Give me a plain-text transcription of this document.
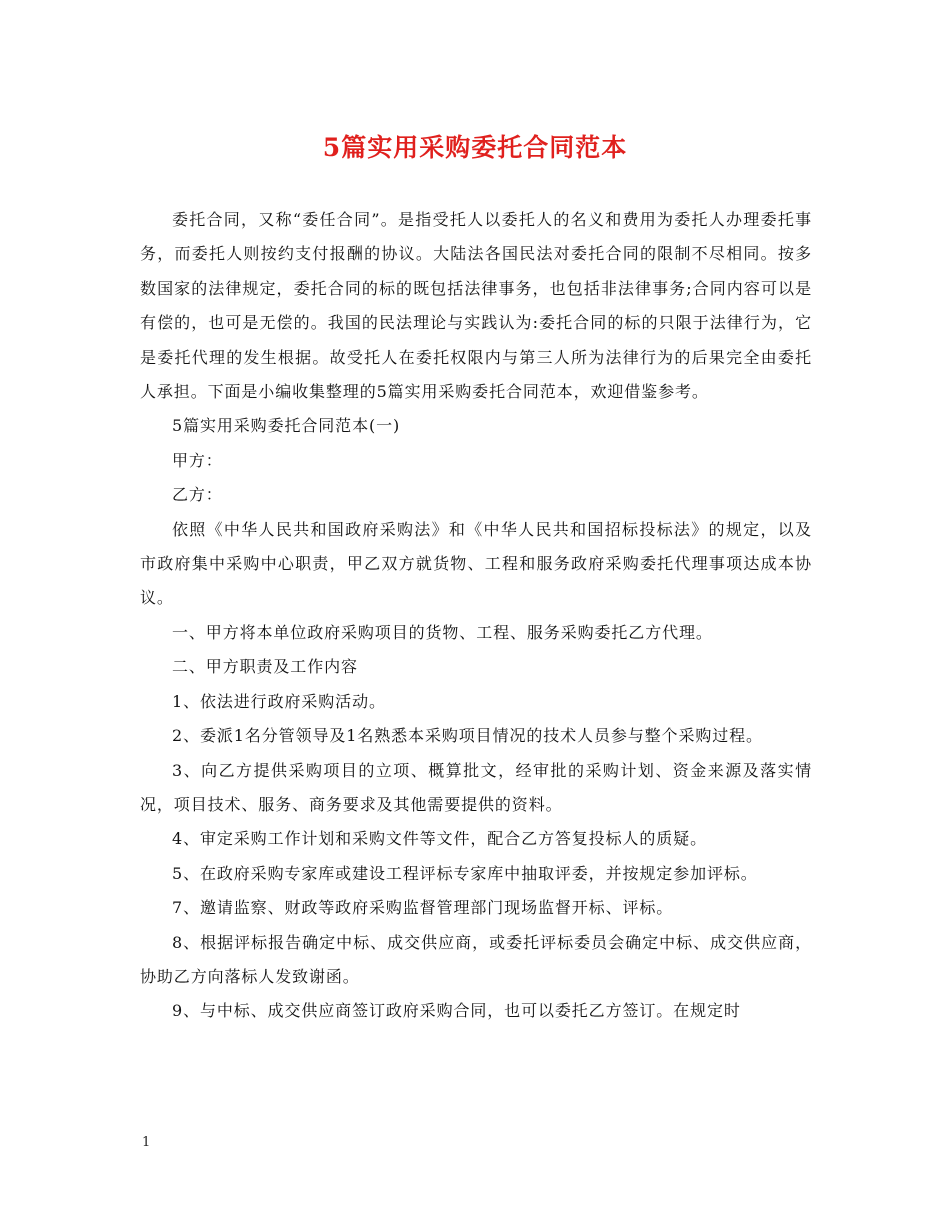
5篇实用采购委托合同范本

委托合同，又称“委任合同”。是指受托人以委托人的名义和费用为委托人办理委托事务，而委托人则按约支付报酬的协议。大陆法各国民法对委托合同的限制不尽相同。按多数国家的法律规定，委托合同的标的既包括法律事务，也包括非法律事务;合同内容可以是有偿的，也可是无偿的。我国的民法理论与实践认为:委托合同的标的只限于法律行为，它是委托代理的发生根据。故受托人在委托权限内与第三人所为法律行为的后果完全由委托人承担。下面是小编收集整理的5篇实用采购委托合同范本，欢迎借鉴参考。

5篇实用采购委托合同范本(一)

甲方：

乙方：

依照《中华人民共和国政府采购法》和《中华人民共和国招标投标法》的规定，以及市政府集中采购中心职责，甲乙双方就货物、工程和服务政府采购委托代理事项达成本协议。

一、甲方将本单位政府采购项目的货物、工程、服务采购委托乙方代理。

二、甲方职责及工作内容

1、依法进行政府采购活动。

2、委派1名分管领导及1名熟悉本采购项目情况的技术人员参与整个采购过程。

3、向乙方提供采购项目的立项、概算批文，经审批的采购计划、资金来源及落实情况，项目技术、服务、商务要求及其他需要提供的资料。

4、审定采购工作计划和采购文件等文件，配合乙方答复投标人的质疑。

5、在政府采购专家库或建设工程评标专家库中抽取评委，并按规定参加评标。

7、邀请监察、财政等政府采购监督管理部门现场监督开标、评标。

8、根据评标报告确定中标、成交供应商，或委托评标委员会确定中标、成交供应商，协助乙方向落标人发致谢函。

9、与中标、成交供应商签订政府采购合同，也可以委托乙方签订。在规定时

1
